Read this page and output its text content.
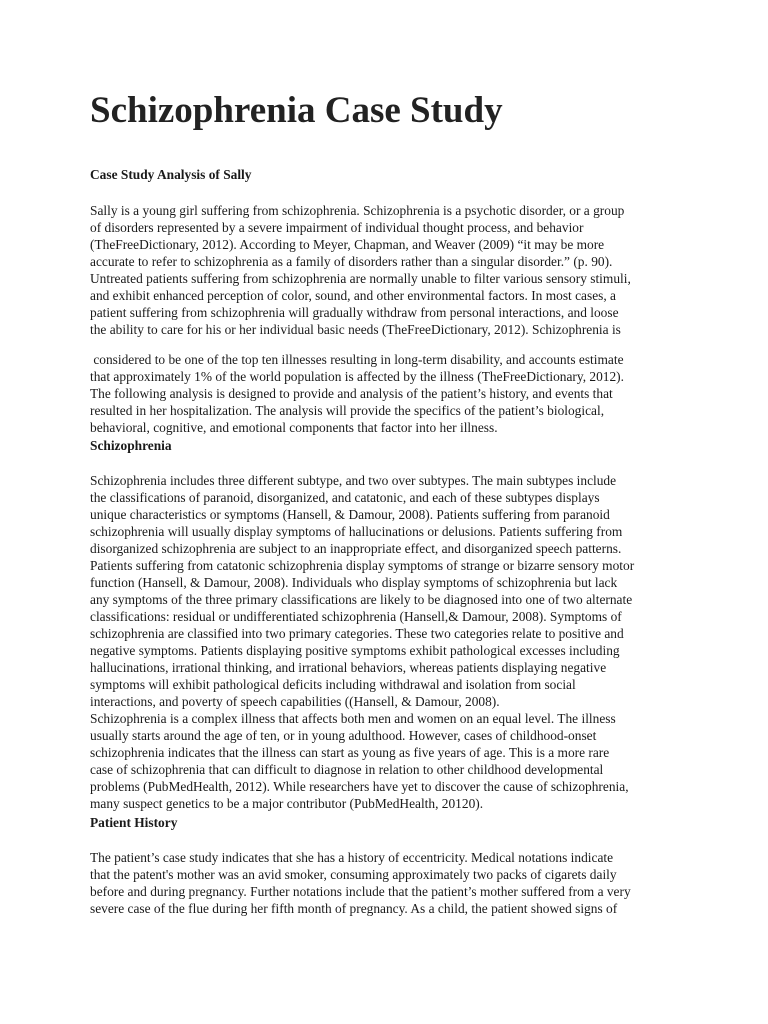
Schizophrenia Case Study
Case Study Analysis of Sally
Sally is a young girl suffering from schizophrenia. Schizophrenia is a psychotic disorder, or a group
of disorders represented by a severe impairment of individual thought process, and behavior
(TheFreeDictionary, 2012). According to Meyer, Chapman, and Weaver (2009) “it may be more
accurate to refer to schizophrenia as a family of disorders rather than a singular disorder.” (p. 90).
Untreated patients suffering from schizophrenia are normally unable to filter various sensory stimuli,
and exhibit enhanced perception of color, sound, and other environmental factors. In most cases, a
patient suffering from schizophrenia will gradually withdraw from personal interactions, and loose
the ability to care for his or her individual basic needs (TheFreeDictionary, 2012). Schizophrenia is
considered to be one of the top ten illnesses resulting in long-term disability, and accounts estimate
that approximately 1% of the world population is affected by the illness (TheFreeDictionary, 2012).
The following analysis is designed to provide and analysis of the patient’s history, and events that
resulted in her hospitalization. The analysis will provide the specifics of the patient’s biological,
behavioral, cognitive, and emotional components that factor into her illness.
Schizophrenia
Schizophrenia includes three different subtype, and two over subtypes. The main subtypes include
the classifications of paranoid, disorganized, and catatonic, and each of these subtypes displays
unique characteristics or symptoms (Hansell, & Damour, 2008). Patients suffering from paranoid
schizophrenia will usually display symptoms of hallucinations or delusions. Patients suffering from
disorganized schizophrenia are subject to an inappropriate effect, and disorganized speech patterns.
Patients suffering from catatonic schizophrenia display symptoms of strange or bizarre sensory motor
function (Hansell, & Damour, 2008). Individuals who display symptoms of schizophrenia but lack
any symptoms of the three primary classifications are likely to be diagnosed into one of two alternate
classifications: residual or undifferentiated schizophrenia (Hansell,& Damour, 2008). Symptoms of
schizophrenia are classified into two primary categories. These two categories relate to positive and
negative symptoms. Patients displaying positive symptoms exhibit pathological excesses including
hallucinations, irrational thinking, and irrational behaviors, whereas patients displaying negative
symptoms will exhibit pathological deficits including withdrawal and isolation from social
interactions, and poverty of speech capabilities ((Hansell, & Damour, 2008).
Schizophrenia is a complex illness that affects both men and women on an equal level. The illness
usually starts around the age of ten, or in young adulthood. However, cases of childhood-onset
schizophrenia indicates that the illness can start as young as five years of age. This is a more rare
case of schizophrenia that can difficult to diagnose in relation to other childhood developmental
problems (PubMedHealth, 2012). While researchers have yet to discover the cause of schizophrenia,
many suspect genetics to be a major contributor (PubMedHealth, 20120).
Patient History
The patient’s case study indicates that she has a history of eccentricity. Medical notations indicate
that the patent's mother was an avid smoker, consuming approximately two packs of cigarets daily
before and during pregnancy. Further notations include that the patient’s mother suffered from a very
severe case of the flue during her fifth month of pregnancy. As a child, the patient showed signs of
